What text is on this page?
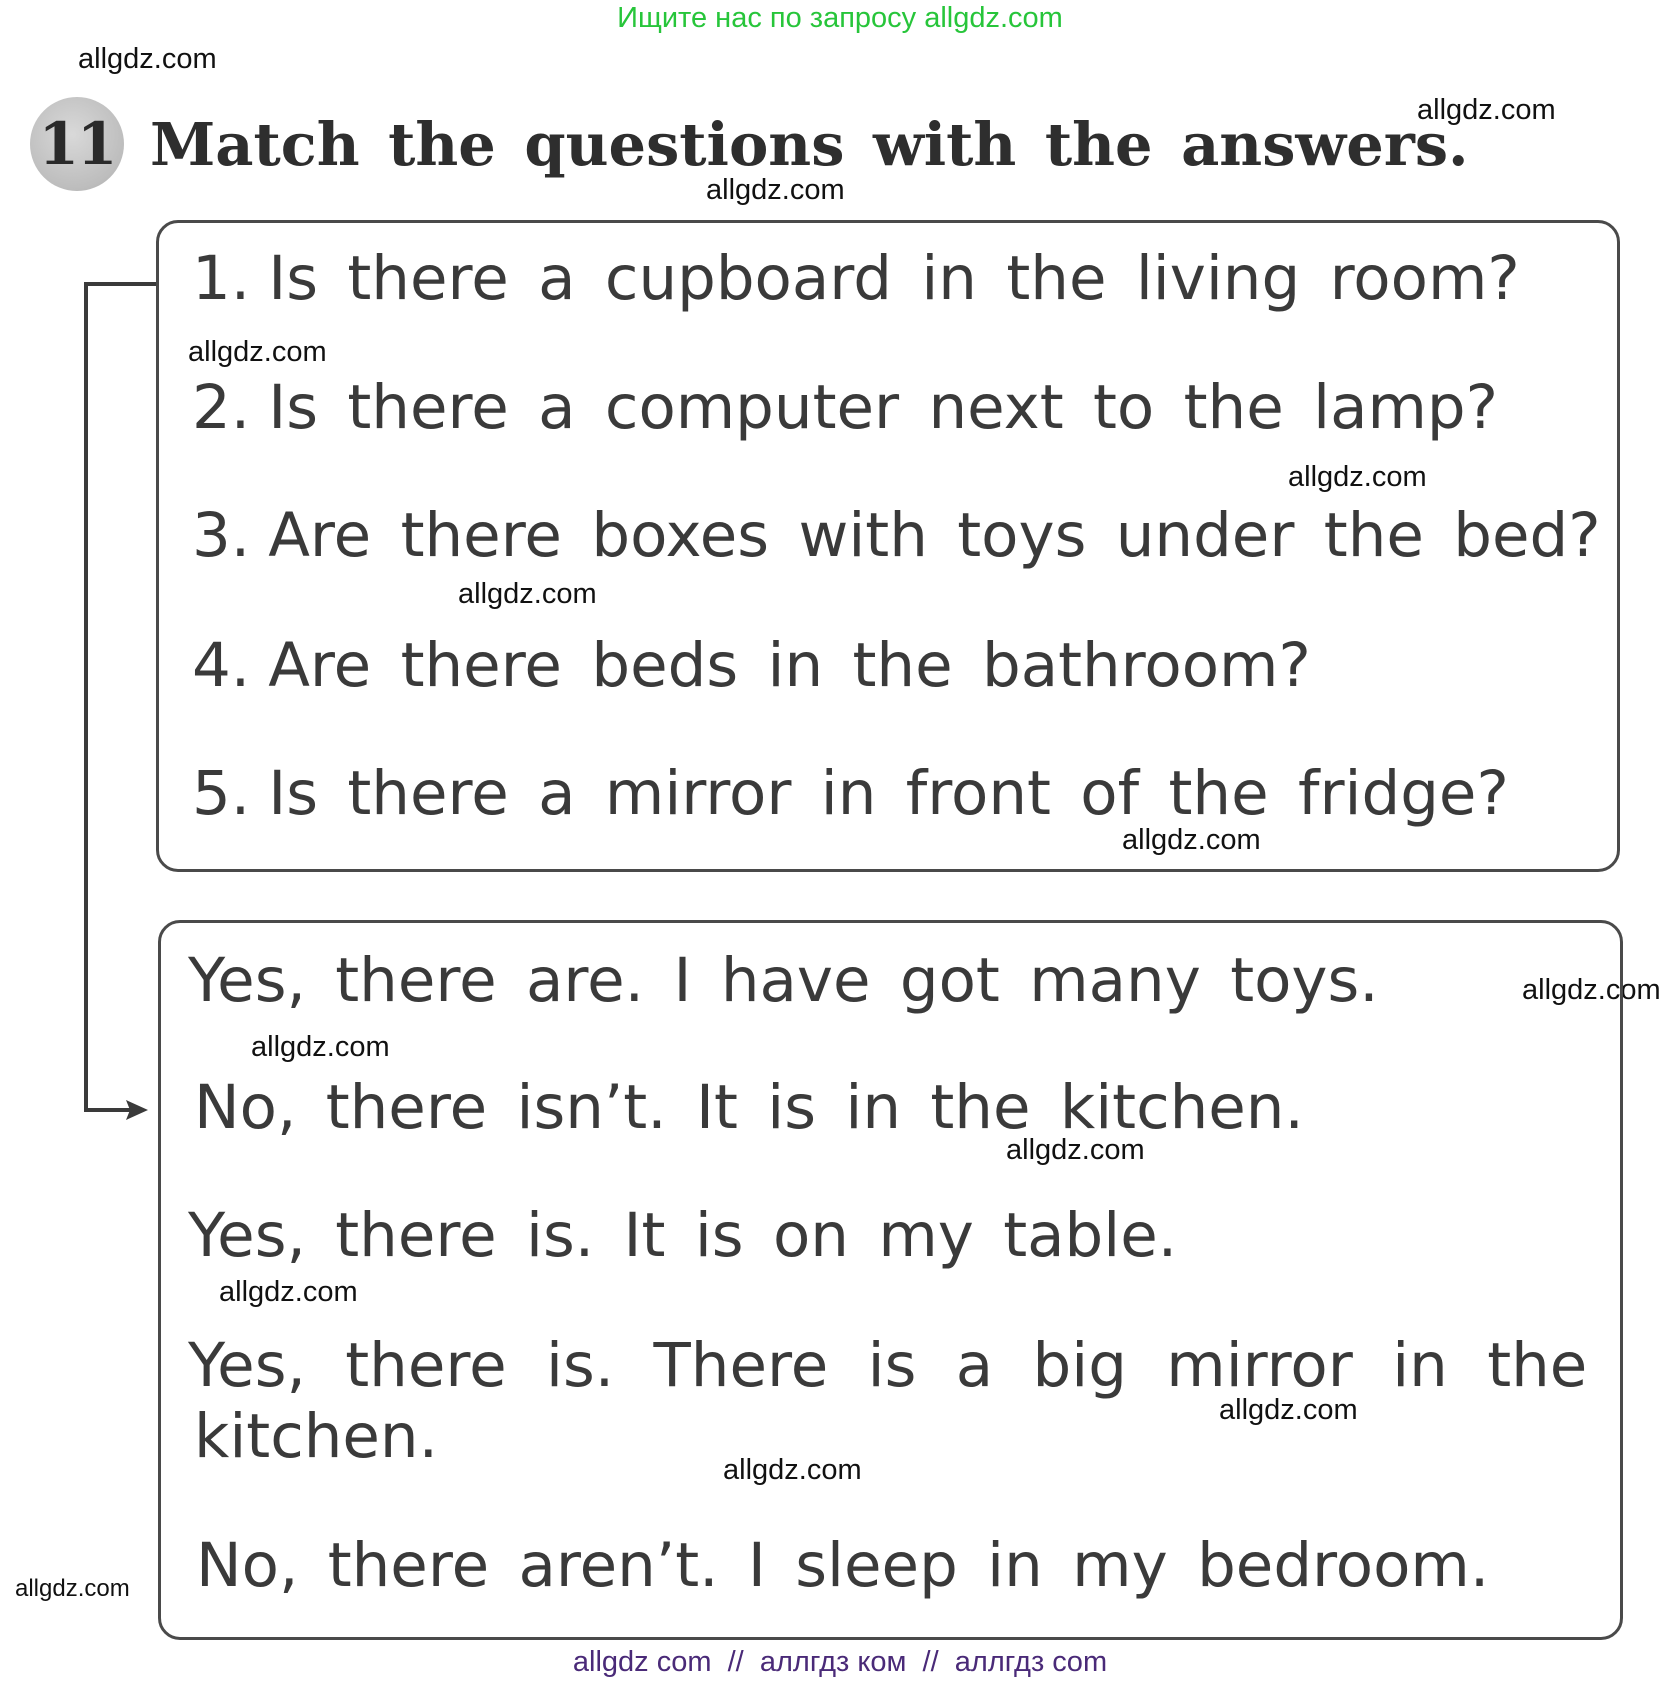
Ищите нас по запросу allgdz.com
allgdz.com
allgdz.com
allgdz.com
allgdz.com
allgdz.com
allgdz.com
allgdz.com
allgdz.com
allgdz.com
allgdz.com
allgdz.com
allgdz.com
allgdz.com
allgdz.com
11 Match the questions with the answers.
1. Is there a cupboard in the living room?
2. Is there a computer next to the lamp?
3. Are there boxes with toys under the bed?
4. Are there beds in the bathroom?
5. Is there a mirror in front of the fridge?
Yes, there are. I have got many toys.
No, there isn’t. It is in the kitchen.
Yes, there is. It is on my table.
Yes, there is. There is a big mirror in the
kitchen.
No, there aren’t. I sleep in my bedroom.
allgdz com  //  аллгдз ком  //  аллгдз com
